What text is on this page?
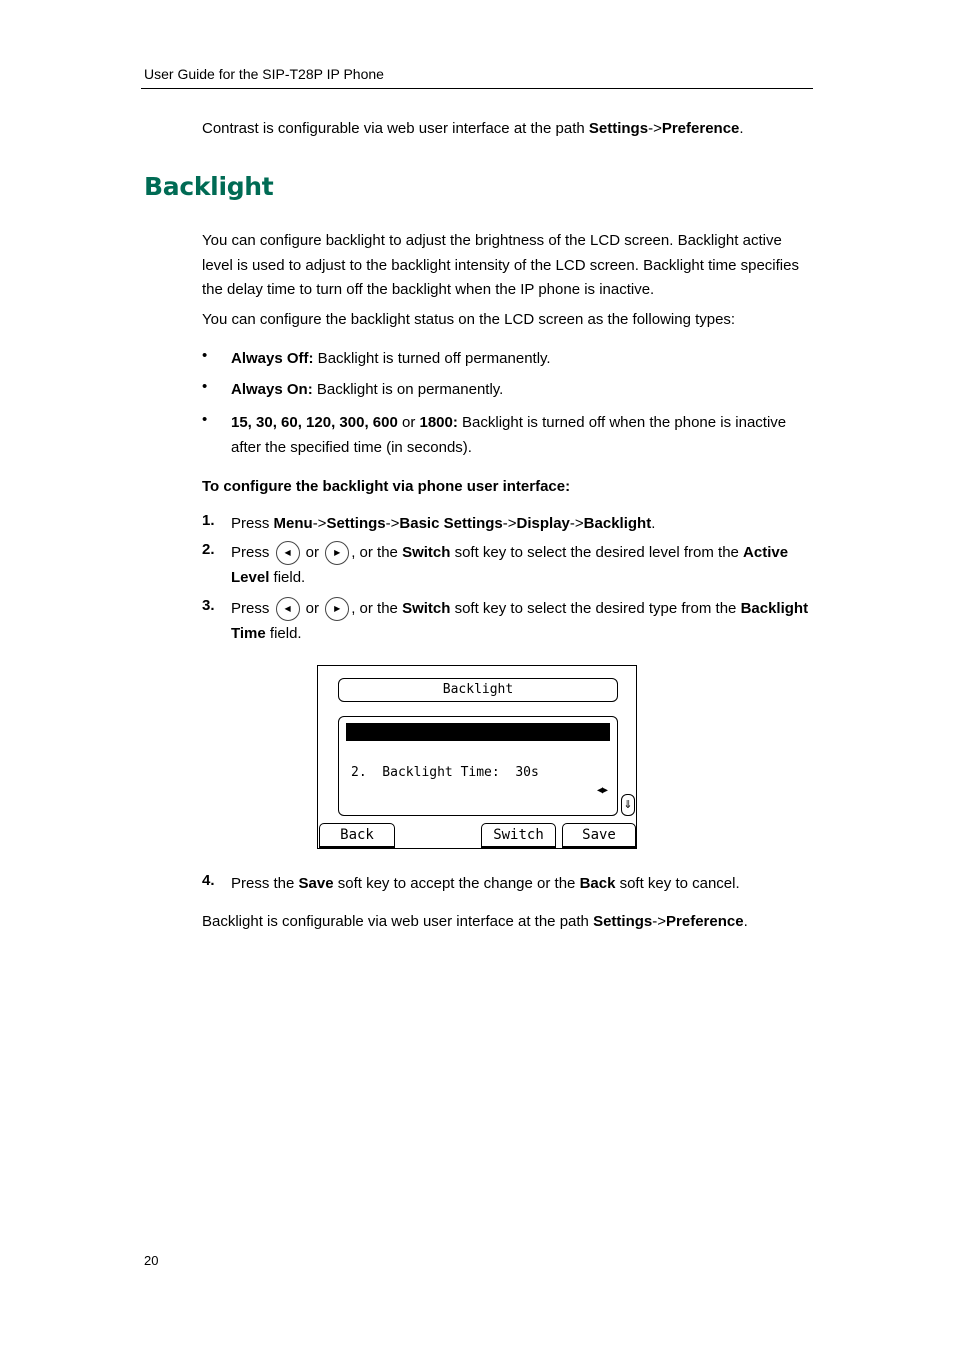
User Guide for the SIP-T28P IP Phone
Contrast is configurable via web user interface at the path Settings->Preference.
Backlight
You can configure backlight to adjust the brightness of the LCD screen. Backlight active level is used to adjust to the backlight intensity of the LCD screen. Backlight time specifies the delay time to turn off the backlight when the IP phone is inactive.
You can configure the backlight status on the LCD screen as the following types:
• Always Off: Backlight is turned off permanently.
• Always On: Backlight is on permanently.
• 15, 30, 60, 120, 300, 600 or 1800: Backlight is turned off when the phone is inactive after the specified time (in seconds).
To configure the backlight via phone user interface:
1. Press Menu->Settings->Basic Settings->Display->Backlight.
2. Press ◀ or ▶ , or the Switch soft key to select the desired level from the Active Level field.
3. Press ◀ or ▶ , or the Switch soft key to select the desired type from the Backlight Time field.
Backlight

1.  Active Level:    2

◀▶

2.  Backlight Time:  30s

◀▶

⇓
Back	Switch	Save
4. Press the Save soft key to accept the change or the Back soft key to cancel.
Backlight is configurable via web user interface at the path Settings->Preference.
20
